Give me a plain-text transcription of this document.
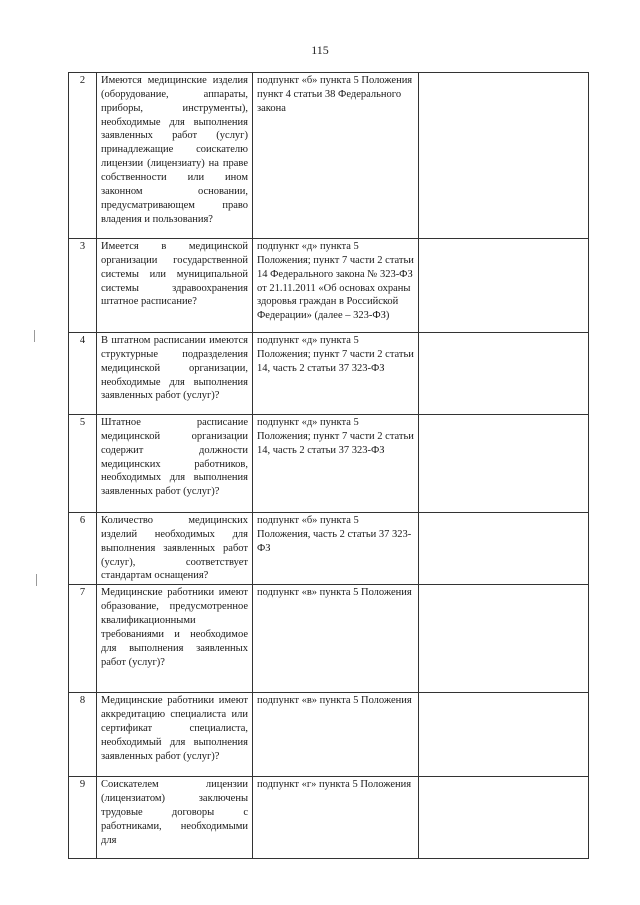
115
2	Имеются медицинские изделия (оборудование, аппараты, приборы, инструменты), необходимые для выполнения заявленных работ (услуг) принадлежащие соискателю лицензии (лицензиату) на праве собственности или ином законном основании, предусматривающем право владения и пользования?	подпункт «б» пункта 5 Положения пункт 4 статьи 38 Федерального закона	
3	Имеется в медицинской организации государственной системы или муниципальной системы здравоохранения штатное расписание?	подпункт «д» пункта 5 Положения; пункт 7 части 2 статьи 14 Федерального закона № 323-ФЗ от 21.11.2011 «Об основах охраны здоровья граждан в Российской Федерации» (далее – 323-ФЗ)	
4	В штатном расписании имеются структурные подразделения медицинской организации, необходимые для выполнения заявленных работ (услуг)?	подпункт «д» пункта 5 Положения; пункт 7 части 2 статьи 14, часть 2 статьи 37 323-ФЗ	
5	Штатное расписание медицинской организации содержит должности медицинских работников, необходимых для выполнения заявленных работ (услуг)?	подпункт «д» пункта 5 Положения; пункт 7 части 2 статьи 14, часть 2 статьи 37 323-ФЗ	
6	Количество медицинских изделий необходимых для выполнения заявленных работ (услуг), соответствует стандартам оснащения?	подпункт «б» пункта 5 Положения, часть 2 статьи 37 323-ФЗ	
7	Медицинские работники имеют образование, предусмотренное квалификационными требованиями и необходимое для выполнения заявленных работ (услуг)?	подпункт «в» пункта 5 Положения	
8	Медицинские работники имеют аккредитацию специалиста или сертификат специалиста, необходимый для выполнения заявленных работ (услуг)?	подпункт «в» пункта 5 Положения	
9	Соискателем лицензии (лицензиатом) заключены трудовые договоры с работниками, необходимыми для	подпункт «г» пункта 5 Положения	
